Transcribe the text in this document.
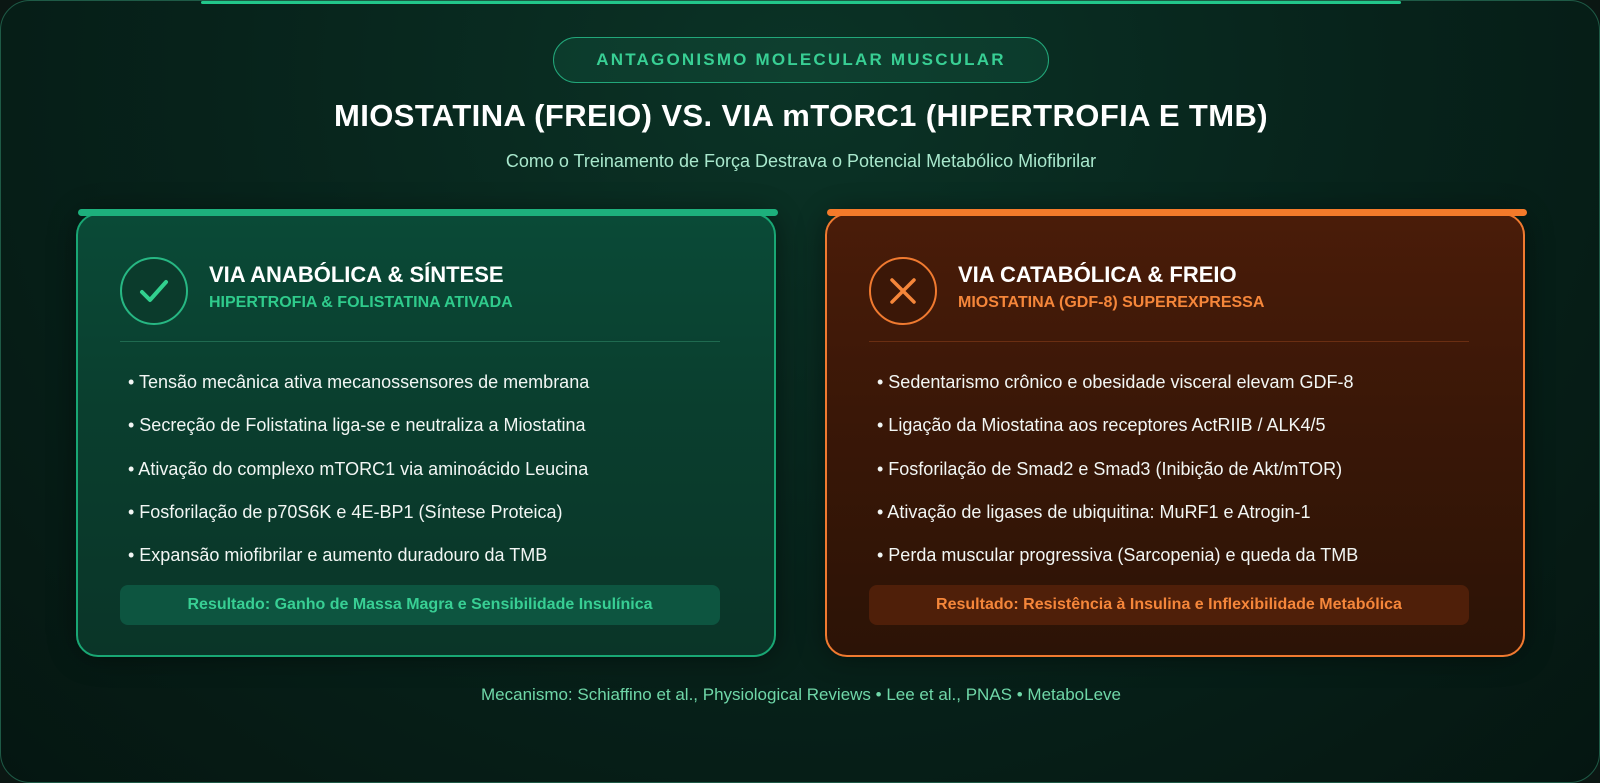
ANTAGONISMO MOLECULAR MUSCULAR
MIOSTATINA (FREIO) VS. VIA mTORC1 (HIPERTROFIA E TMB)
Como o Treinamento de Força Destrava o Potencial Metabólico Miofibrilar
VIA ANABÓLICA & SÍNTESE
HIPERTROFIA & FOLISTATINA ATIVADA
• Tensão mecânica ativa mecanossensores de membrana
• Secreção de Folistatina liga-se e neutraliza a Miostatina
• Ativação do complexo mTORC1 via aminoácido Leucina
• Fosforilação de p70S6K e 4E-BP1 (Síntese Proteica)
• Expansão miofibrilar e aumento duradouro da TMB
Resultado: Ganho de Massa Magra e Sensibilidade Insulínica
VIA CATABÓLICA & FREIO
MIOSTATINA (GDF-8) SUPEREXPRESSA
• Sedentarismo crônico e obesidade visceral elevam GDF-8
• Ligação da Miostatina aos receptores ActRIIB / ALK4/5
• Fosforilação de Smad2 e Smad3 (Inibição de Akt/mTOR)
• Ativação de ligases de ubiquitina: MuRF1 e Atrogin-1
• Perda muscular progressiva (Sarcopenia) e queda da TMB
Resultado: Resistência à Insulina e Inflexibilidade Metabólica
Mecanismo: Schiaffino et al., Physiological Reviews • Lee et al., PNAS • MetaboLeve
